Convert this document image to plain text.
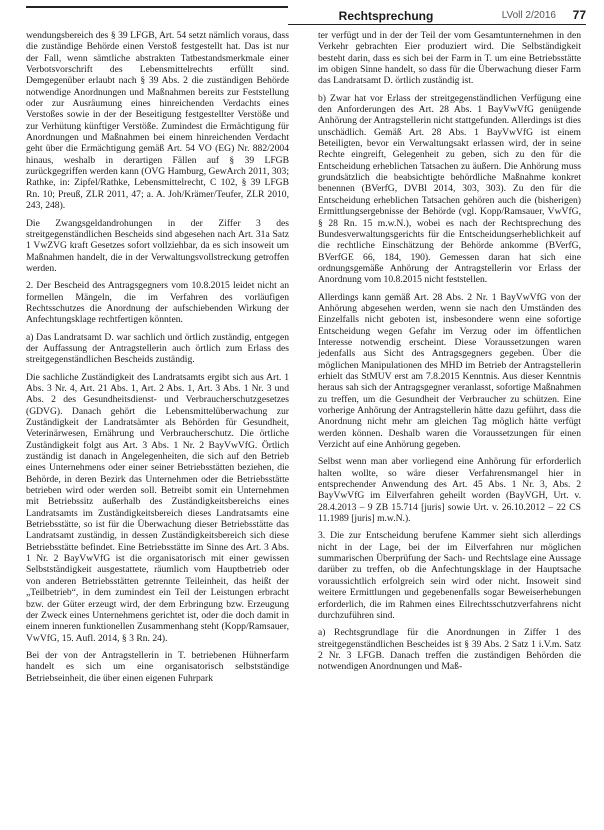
Rechtsprechung	LVoll 2/2016 77

wendungsbereich des § 39 LFGB, Art. 54 setzt nämlich voraus, dass die zuständige Behörde einen Verstoß festgestellt hat. Das ist nur der Fall, wenn sämtliche abstrakten Tatbestandsmerkmale einer Verbotsvorschrift des Lebensmittelrechts erfüllt sind. Demgegenüber erlaubt nach § 39 Abs. 2 die zuständigen Behörde notwendige Anordnungen und Maßnahmen bereits zur Feststellung oder zur Ausräumung eines hinreichenden Verdachts eines Verstoßes sowie in der der Beseitigung festgestellter Verstöße und zur Verhütung künftiger Verstöße. Zumindest die Ermächtigung für Anordnungen und Maßnahmen bei einem hinreichenden Verdacht geht über die Ermächtigung gemäß Art. 54 VO (EG) Nr. 882/2004 hinaus, weshalb in derartigen Fällen auf § 39 LFGB zurückgegriffen werden kann (OVG Hamburg, GewArch 2011, 303; Rathke, in: Zipfel/Rathke, Lebensmittelrecht, C 102, § 39 LFGB Rn. 10; Preuß, ZLR 2011, 47; a. A. Joh/Krämer/Teufer, ZLR 2010, 243, 248).

Die Zwangsgeldandrohungen in der Ziffer 3 des streitgegenständlichen Bescheids sind abgesehen nach Art. 31a Satz 1 VwZVG kraft Gesetzes sofort vollziehbar, da es sich insoweit um Maßnahmen handelt, die in der Verwaltungsvollstreckung getroffen werden.

2. Der Bescheid des Antragsgegners vom 10.8.2015 leidet nicht an formellen Mängeln, die im Verfahren des vorläufigen Rechtsschutzes die Anordnung der aufschiebenden Wirkung der Anfechtungsklage rechtfertigen könnten.

a) Das Landratsamt D. war sachlich und örtlich zuständig, entgegen der Auffassung der Antragstellerin auch örtlich zum Erlass des streitgegenständlichen Bescheids zuständig.

Die sachliche Zuständigkeit des Landratsamts ergibt sich aus Art. 1 Abs. 3 Nr. 4, Art. 21 Abs. 1, Art. 2 Abs. 1, Art. 3 Abs. 1 Nr. 3 und Abs. 2 des Gesundheitsdienst- und Verbraucherschutzgesetzes (GDVG). Danach gehört die Lebensmittelüberwachung zur Zuständigkeit der Landratsämter als Behörden für Gesundheit, Veterinärwesen, Ernährung und Verbraucherschutz. Die örtliche Zuständigkeit folgt aus Art. 3 Abs. 1 Nr. 2 BayVwVfG. Örtlich zuständig ist danach in Angelegenheiten, die sich auf den Betrieb eines Unternehmens oder einer seiner Betriebsstätten beziehen, die Behörde, in deren Bezirk das Unternehmen oder die Betriebsstätte betrieben wird oder werden soll. Betreibt somit ein Unternehmen mit Betriebssitz außerhalb des Zuständigkeitsbereichs eines Landratsamts im Zuständigkeitsbereich dieses Landratsamts eine Betriebsstätte, so ist für die Überwachung dieser Betriebsstätte das Landratsamt zuständig, in dessen Zuständigkeitsbereich sich diese Betriebsstätte befindet. Eine Betriebsstätte im Sinne des Art. 3 Abs. 1 Nr. 2 BayVwVfG ist die organisatorisch mit einer gewissen Selbstständigkeit ausgestattete, räumlich vom Hauptbetrieb oder von anderen Betriebsstätten getrennte Teileinheit, das heißt der „Teilbetrieb“, in dem zumindest ein Teil der Leistungen erbracht bzw. der Güter erzeugt wird, der dem Erbringung bzw. Erzeugung der Zweck eines Unternehmens gerichtet ist, oder die doch damit in einem inneren funktionellen Zusammenhang steht (Kopp/Ramsauer, VwVfG, 15. Aufl. 2014, § 3 Rn. 24).

Bei der von der Antragstellerin in T. betriebenen Hühnerfarm handelt es sich um eine organisatorisch selbstständige Betriebseinheit, die über einen eigenen Fuhrpark

ter verfügt und in der der Teil der vom Gesamtunternehmen in den Verkehr gebrachten Eier produziert wird. Die Selbständigkeit besteht darin, dass es sich bei der Farm in T. um eine Betriebsstätte im obigen Sinne handelt, so dass für die Überwachung dieser Farm das Landratsamt D. örtlich zuständig ist.

b) Zwar hat vor Erlass der streitgegenständlichen Verfügung eine den Anforderungen des Art. 28 Abs. 1 BayVwVfG genügende Anhörung der Antragstellerin nicht stattgefunden. Allerdings ist dies unschädlich. Gemäß Art. 28 Abs. 1 BayVwVfG ist einem Beteiligten, bevor ein Verwaltungsakt erlassen wird, der in seine Rechte eingreift, Gelegenheit zu geben, sich zu den für die Entscheidung erheblichen Tatsachen zu äußern. Die Anhörung muss grundsätzlich die beabsichtigte behördliche Maßnahme konkret benennen (BVerfG, DVBl 2014, 303, 303). Zu den für die Entscheidung erheblichen Tatsachen gehören auch die (bisherigen) Ermittlungsergebnisse der Behörde (vgl. Kopp/Ramsauer, VwVfG, § 28 Rn. 15 m.w.N.), wobei es nach der Rechtsprechung des Bundesverwaltungsgerichts für die Entscheidungserheblichkeit auf die rechtliche Einschätzung der Behörde ankomme (BVerfG, BVerfGE 66, 184, 190). Gemessen daran hat sich eine ordnungsgemäße Anhörung der Antragstellerin vor Erlass der Anordnung vom 10.8.2015 nicht feststellen.

Allerdings kann gemäß Art. 28 Abs. 2 Nr. 1 BayVwVfG von der Anhörung abgesehen werden, wenn sie nach den Umständen des Einzelfalls nicht geboten ist, insbesondere wenn eine sofortige Entscheidung wegen Gefahr im Verzug oder im öffentlichen Interesse notwendig erscheint. Diese Voraussetzungen waren jedenfalls aus Sicht des Antragsgegners gegeben. Über die möglichen Manipulationen des MHD im Betrieb der Antragstellerin erhielt das StMUV erst am 7.8.2015 Kenntnis. Aus dieser Kenntnis heraus sah sich der Antragsgegner veranlasst, sofortige Maßnahmen zu treffen, um die Gesundheit der Verbraucher zu schützen. Eine vorherige Anhörung der Antragstellerin hätte dazu geführt, dass die Anordnung nicht mehr am gleichen Tag möglich hätte verfügt werden können. Deshalb waren die Voraussetzungen für einen Verzicht auf eine Anhörung gegeben.

Selbst wenn man aber vorliegend eine Anhörung für erforderlich halten wollte, so wäre dieser Verfahrensmangel hier in entsprechender Anwendung des Art. 45 Abs. 1 Nr. 3, Abs. 2 BayVwVfG im Eilverfahren geheilt worden (BayVGH, Urt. v. 28.4.2013 – 9 ZB 15.714 [juris] sowie Urt. v. 26.10.2012 – 22 CS 11.1989 [juris] m.w.N.).

3. Die zur Entscheidung berufene Kammer sieht sich allerdings nicht in der Lage, bei der im Eilverfahren nur möglichen summarischen Überprüfung der Sach- und Rechtslage eine Aussage darüber zu treffen, ob die Anfechtungsklage in der Hauptsache voraussichtlich erfolgreich sein wird oder nicht. Insoweit sind weitere Ermittlungen und gegebenenfalls sogar Beweiserhebungen erforderlich, die im Rahmen eines Eilrechtsschutzverfahrens nicht durchzuführen sind.

a) Rechtsgrundlage für die Anordnungen in Ziffer 1 des streitgegenständlichen Bescheides ist § 39 Abs. 2 Satz 1 i.V.m. Satz 2 Nr. 3 LFGB. Danach treffen die zuständigen Behörden die notwendigen Anordnungen und Maß-
